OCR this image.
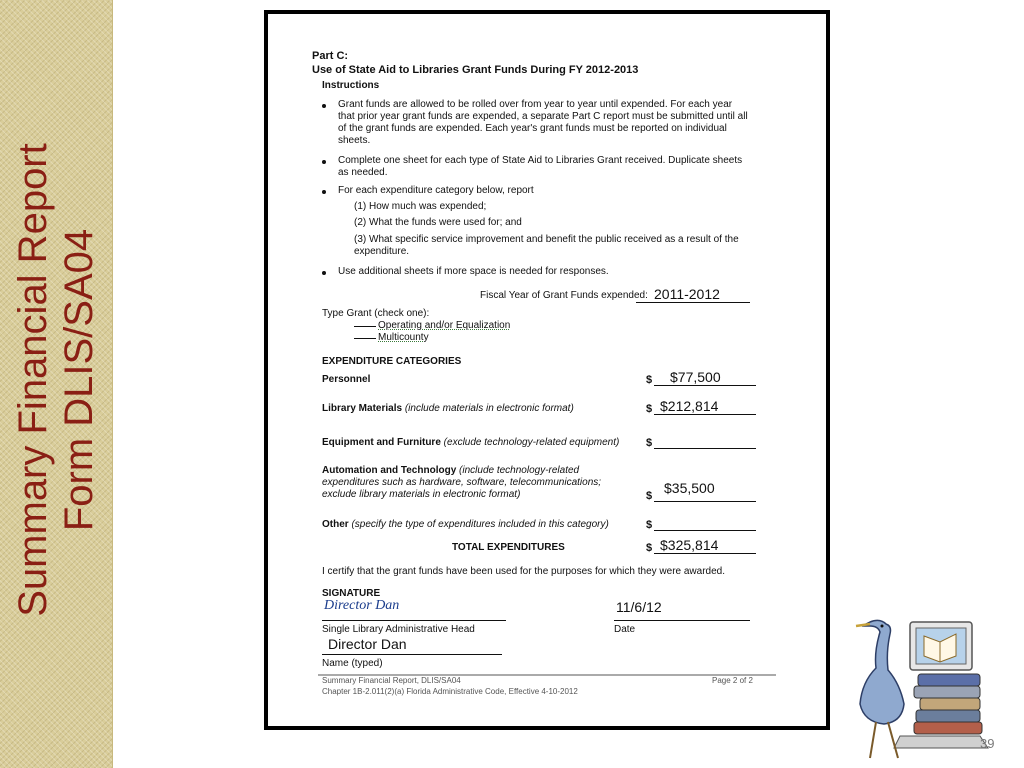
Summary Financial Report Form DLIS/SA04
Part C:
Use of State Aid to Libraries Grant Funds During FY 2012-2013
Instructions
Grant funds are allowed to be rolled over from year to year until expended. For each year that prior year grant funds are expended, a separate Part C report must be submitted until all of the grant funds are expended. Each year's grant funds must be reported on individual sheets.
Complete one sheet for each type of State Aid to Libraries Grant received. Duplicate sheets as needed.
For each expenditure category below, report
(1) How much was expended;
(2) What the funds were used for; and
(3) What specific service improvement and benefit the public received as a result of the expenditure.
Use additional sheets if more space is needed for responses.
Fiscal Year of Grant Funds expended: 2011-2012
Type Grant (check one):
Operating and/or Equalization
Multicounty
EXPENDITURE CATEGORIES
Personnel	$ $77,500
Library Materials (include materials in electronic format)	$ $212,814
Equipment and Furniture (exclude technology-related equipment) $
Automation and Technology (include technology-related
expenditures such as hardware, software, telecommunications;
exclude library materials in electronic format)	$ $35,500
Other (specify the type of expenditures included in this category)	$
TOTAL EXPENDITURES	$ $325,814
I certify that the grant funds have been used for the purposes for which they were awarded.
SIGNATURE
Director Dan	11/6/12
Single Library Administrative Head	Date
Director Dan
Name (typed)
Summary Financial Report, DLIS/SA04
Chapter 1B-2.011(2)(a) Florida Administrative Code, Effective 4-10-2012
Page 2 of 2
39
